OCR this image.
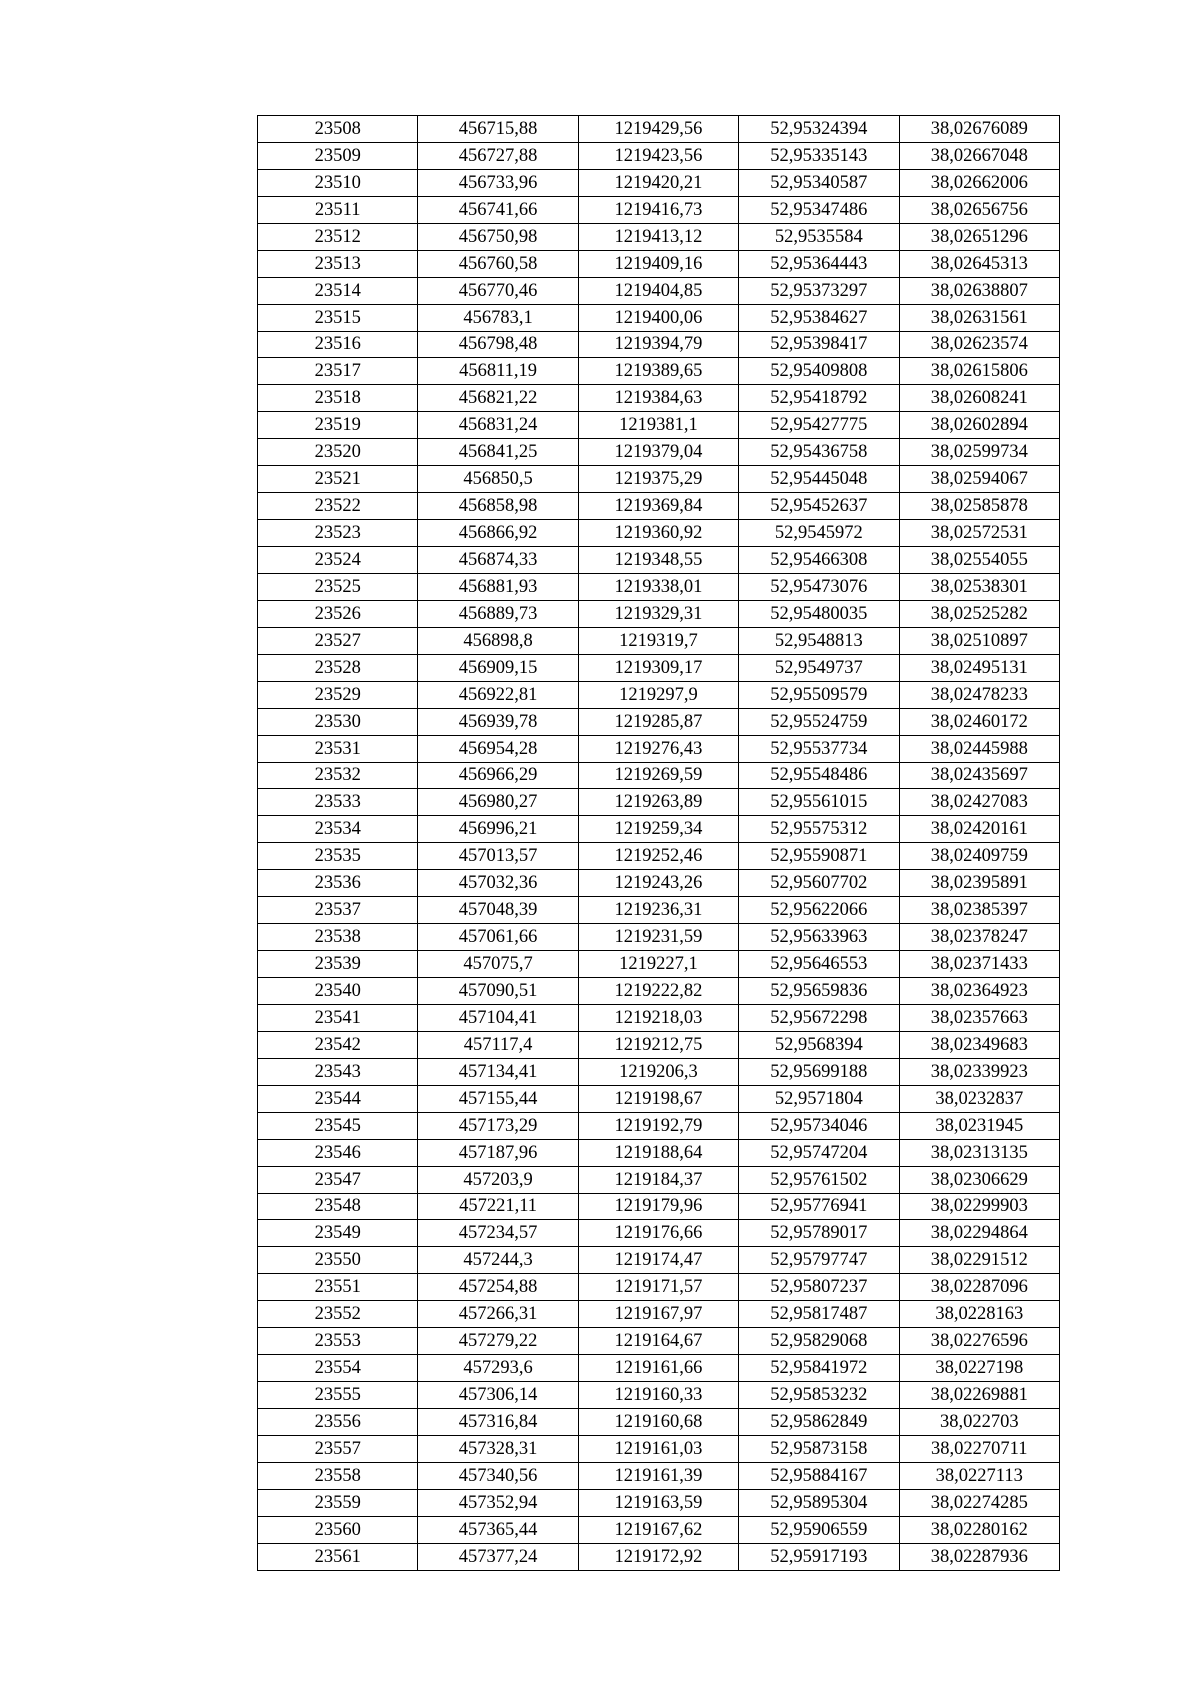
23508	456715,88	1219429,56	52,95324394	38,02676089
23509	456727,88	1219423,56	52,95335143	38,02667048
23510	456733,96	1219420,21	52,95340587	38,02662006
23511	456741,66	1219416,73	52,95347486	38,02656756
23512	456750,98	1219413,12	52,9535584	38,02651296
23513	456760,58	1219409,16	52,95364443	38,02645313
23514	456770,46	1219404,85	52,95373297	38,02638807
23515	456783,1	1219400,06	52,95384627	38,02631561
23516	456798,48	1219394,79	52,95398417	38,02623574
23517	456811,19	1219389,65	52,95409808	38,02615806
23518	456821,22	1219384,63	52,95418792	38,02608241
23519	456831,24	1219381,1	52,95427775	38,02602894
23520	456841,25	1219379,04	52,95436758	38,02599734
23521	456850,5	1219375,29	52,95445048	38,02594067
23522	456858,98	1219369,84	52,95452637	38,02585878
23523	456866,92	1219360,92	52,9545972	38,02572531
23524	456874,33	1219348,55	52,95466308	38,02554055
23525	456881,93	1219338,01	52,95473076	38,02538301
23526	456889,73	1219329,31	52,95480035	38,02525282
23527	456898,8	1219319,7	52,9548813	38,02510897
23528	456909,15	1219309,17	52,9549737	38,02495131
23529	456922,81	1219297,9	52,95509579	38,02478233
23530	456939,78	1219285,87	52,95524759	38,02460172
23531	456954,28	1219276,43	52,95537734	38,02445988
23532	456966,29	1219269,59	52,95548486	38,02435697
23533	456980,27	1219263,89	52,95561015	38,02427083
23534	456996,21	1219259,34	52,95575312	38,02420161
23535	457013,57	1219252,46	52,95590871	38,02409759
23536	457032,36	1219243,26	52,95607702	38,02395891
23537	457048,39	1219236,31	52,95622066	38,02385397
23538	457061,66	1219231,59	52,95633963	38,02378247
23539	457075,7	1219227,1	52,95646553	38,02371433
23540	457090,51	1219222,82	52,95659836	38,02364923
23541	457104,41	1219218,03	52,95672298	38,02357663
23542	457117,4	1219212,75	52,9568394	38,02349683
23543	457134,41	1219206,3	52,95699188	38,02339923
23544	457155,44	1219198,67	52,9571804	38,0232837
23545	457173,29	1219192,79	52,95734046	38,0231945
23546	457187,96	1219188,64	52,95747204	38,02313135
23547	457203,9	1219184,37	52,95761502	38,02306629
23548	457221,11	1219179,96	52,95776941	38,02299903
23549	457234,57	1219176,66	52,95789017	38,02294864
23550	457244,3	1219174,47	52,95797747	38,02291512
23551	457254,88	1219171,57	52,95807237	38,02287096
23552	457266,31	1219167,97	52,95817487	38,0228163
23553	457279,22	1219164,67	52,95829068	38,02276596
23554	457293,6	1219161,66	52,95841972	38,0227198
23555	457306,14	1219160,33	52,95853232	38,02269881
23556	457316,84	1219160,68	52,95862849	38,022703
23557	457328,31	1219161,03	52,95873158	38,02270711
23558	457340,56	1219161,39	52,95884167	38,0227113
23559	457352,94	1219163,59	52,95895304	38,02274285
23560	457365,44	1219167,62	52,95906559	38,02280162
23561	457377,24	1219172,92	52,95917193	38,02287936
